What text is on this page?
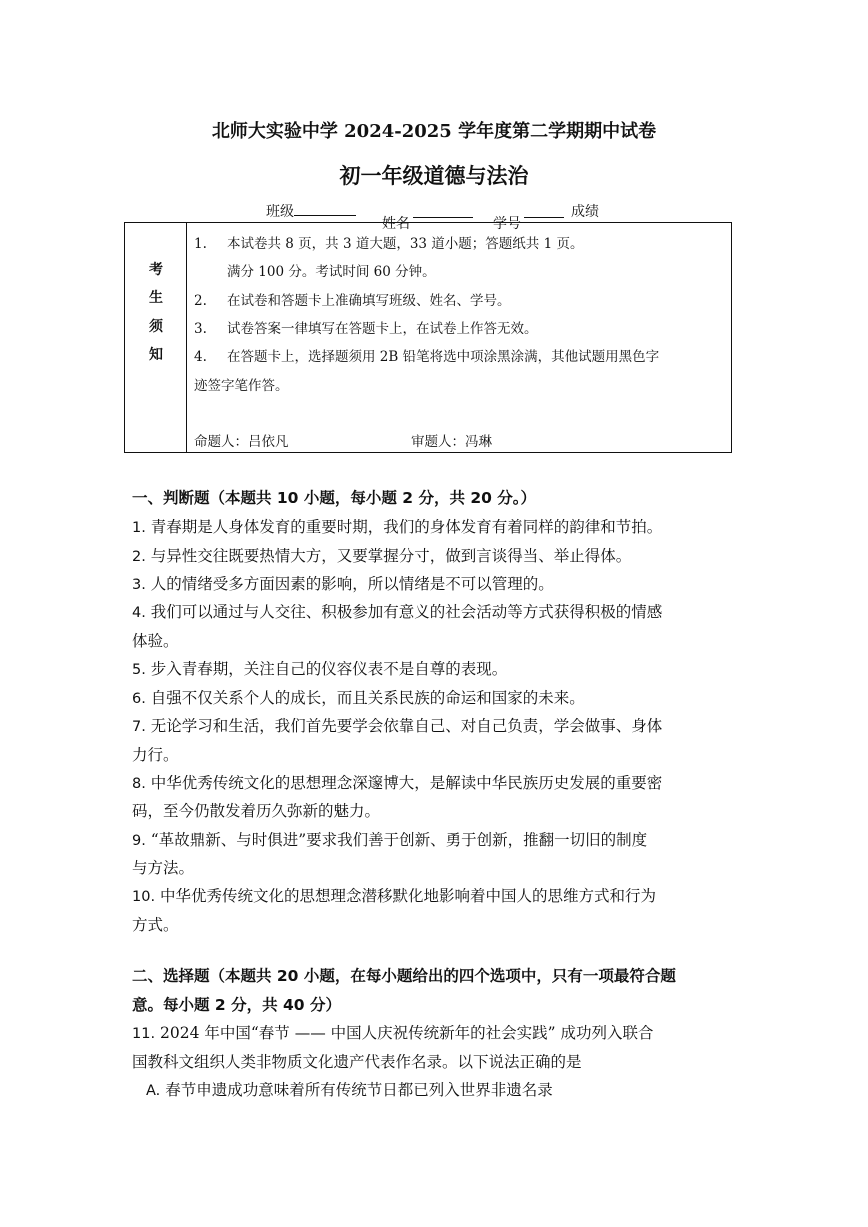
北师大实验中学 2024-2025 学年度第二学期期中试卷
初一年级道德与法治
班级
姓名	学号
成绩
考
生
须
知
1. 本试卷共 8 页，共 3 道大题，33 道小题；答题纸共 1 页。
满分 100 分。考试时间 60 分钟。
2. 在试卷和答题卡上准确填写班级、姓名、学号。
3. 试卷答案一律填写在答题卡上，在试卷上作答无效。
4. 在答题卡上，选择题须用 2B 铅笔将选中项涂黑涂满，其他试题用黑色字
迹签字笔作答。
命题人：吕依凡	审题人：冯琳
一、判断题（本题共 10 小题，每小题 2 分，共 20 分。）
1. 青春期是人身体发育的重要时期，我们的身体发育有着同样的韵律和节拍。
2. 与异性交往既要热情大方，又要掌握分寸，做到言谈得当、举止得体。
3. 人的情绪受多方面因素的影响，所以情绪是不可以管理的。
4. 我们可以通过与人交往、积极参加有意义的社会活动等方式获得积极的情感
体验。
5. 步入青春期，关注自己的仪容仪表不是自尊的表现。
6. 自强不仅关系个人的成长，而且关系民族的命运和国家的未来。
7. 无论学习和生活，我们首先要学会依靠自己、对自己负责，学会做事、身体
力行。
8. 中华优秀传统文化的思想理念深邃博大，是解读中华民族历史发展的重要密
码，至今仍散发着历久弥新的魅力。
9. “革故鼎新、与时俱进”要求我们善于创新、勇于创新，推翻一切旧的制度
与方法。
10. 中华优秀传统文化的思想理念潜移默化地影响着中国人的思维方式和行为
方式。
二、选择题（本题共 20 小题，在每小题给出的四个选项中，只有一项最符合题
意。每小题 2 分，共 40 分）
11. 2024 年中国“春节 —— 中国人庆祝传统新年的社会实践” 成功列入联合
国教科文组织人类非物质文化遗产代表作名录。以下说法正确的是
A. 春节申遗成功意味着所有传统节日都已列入世界非遗名录
